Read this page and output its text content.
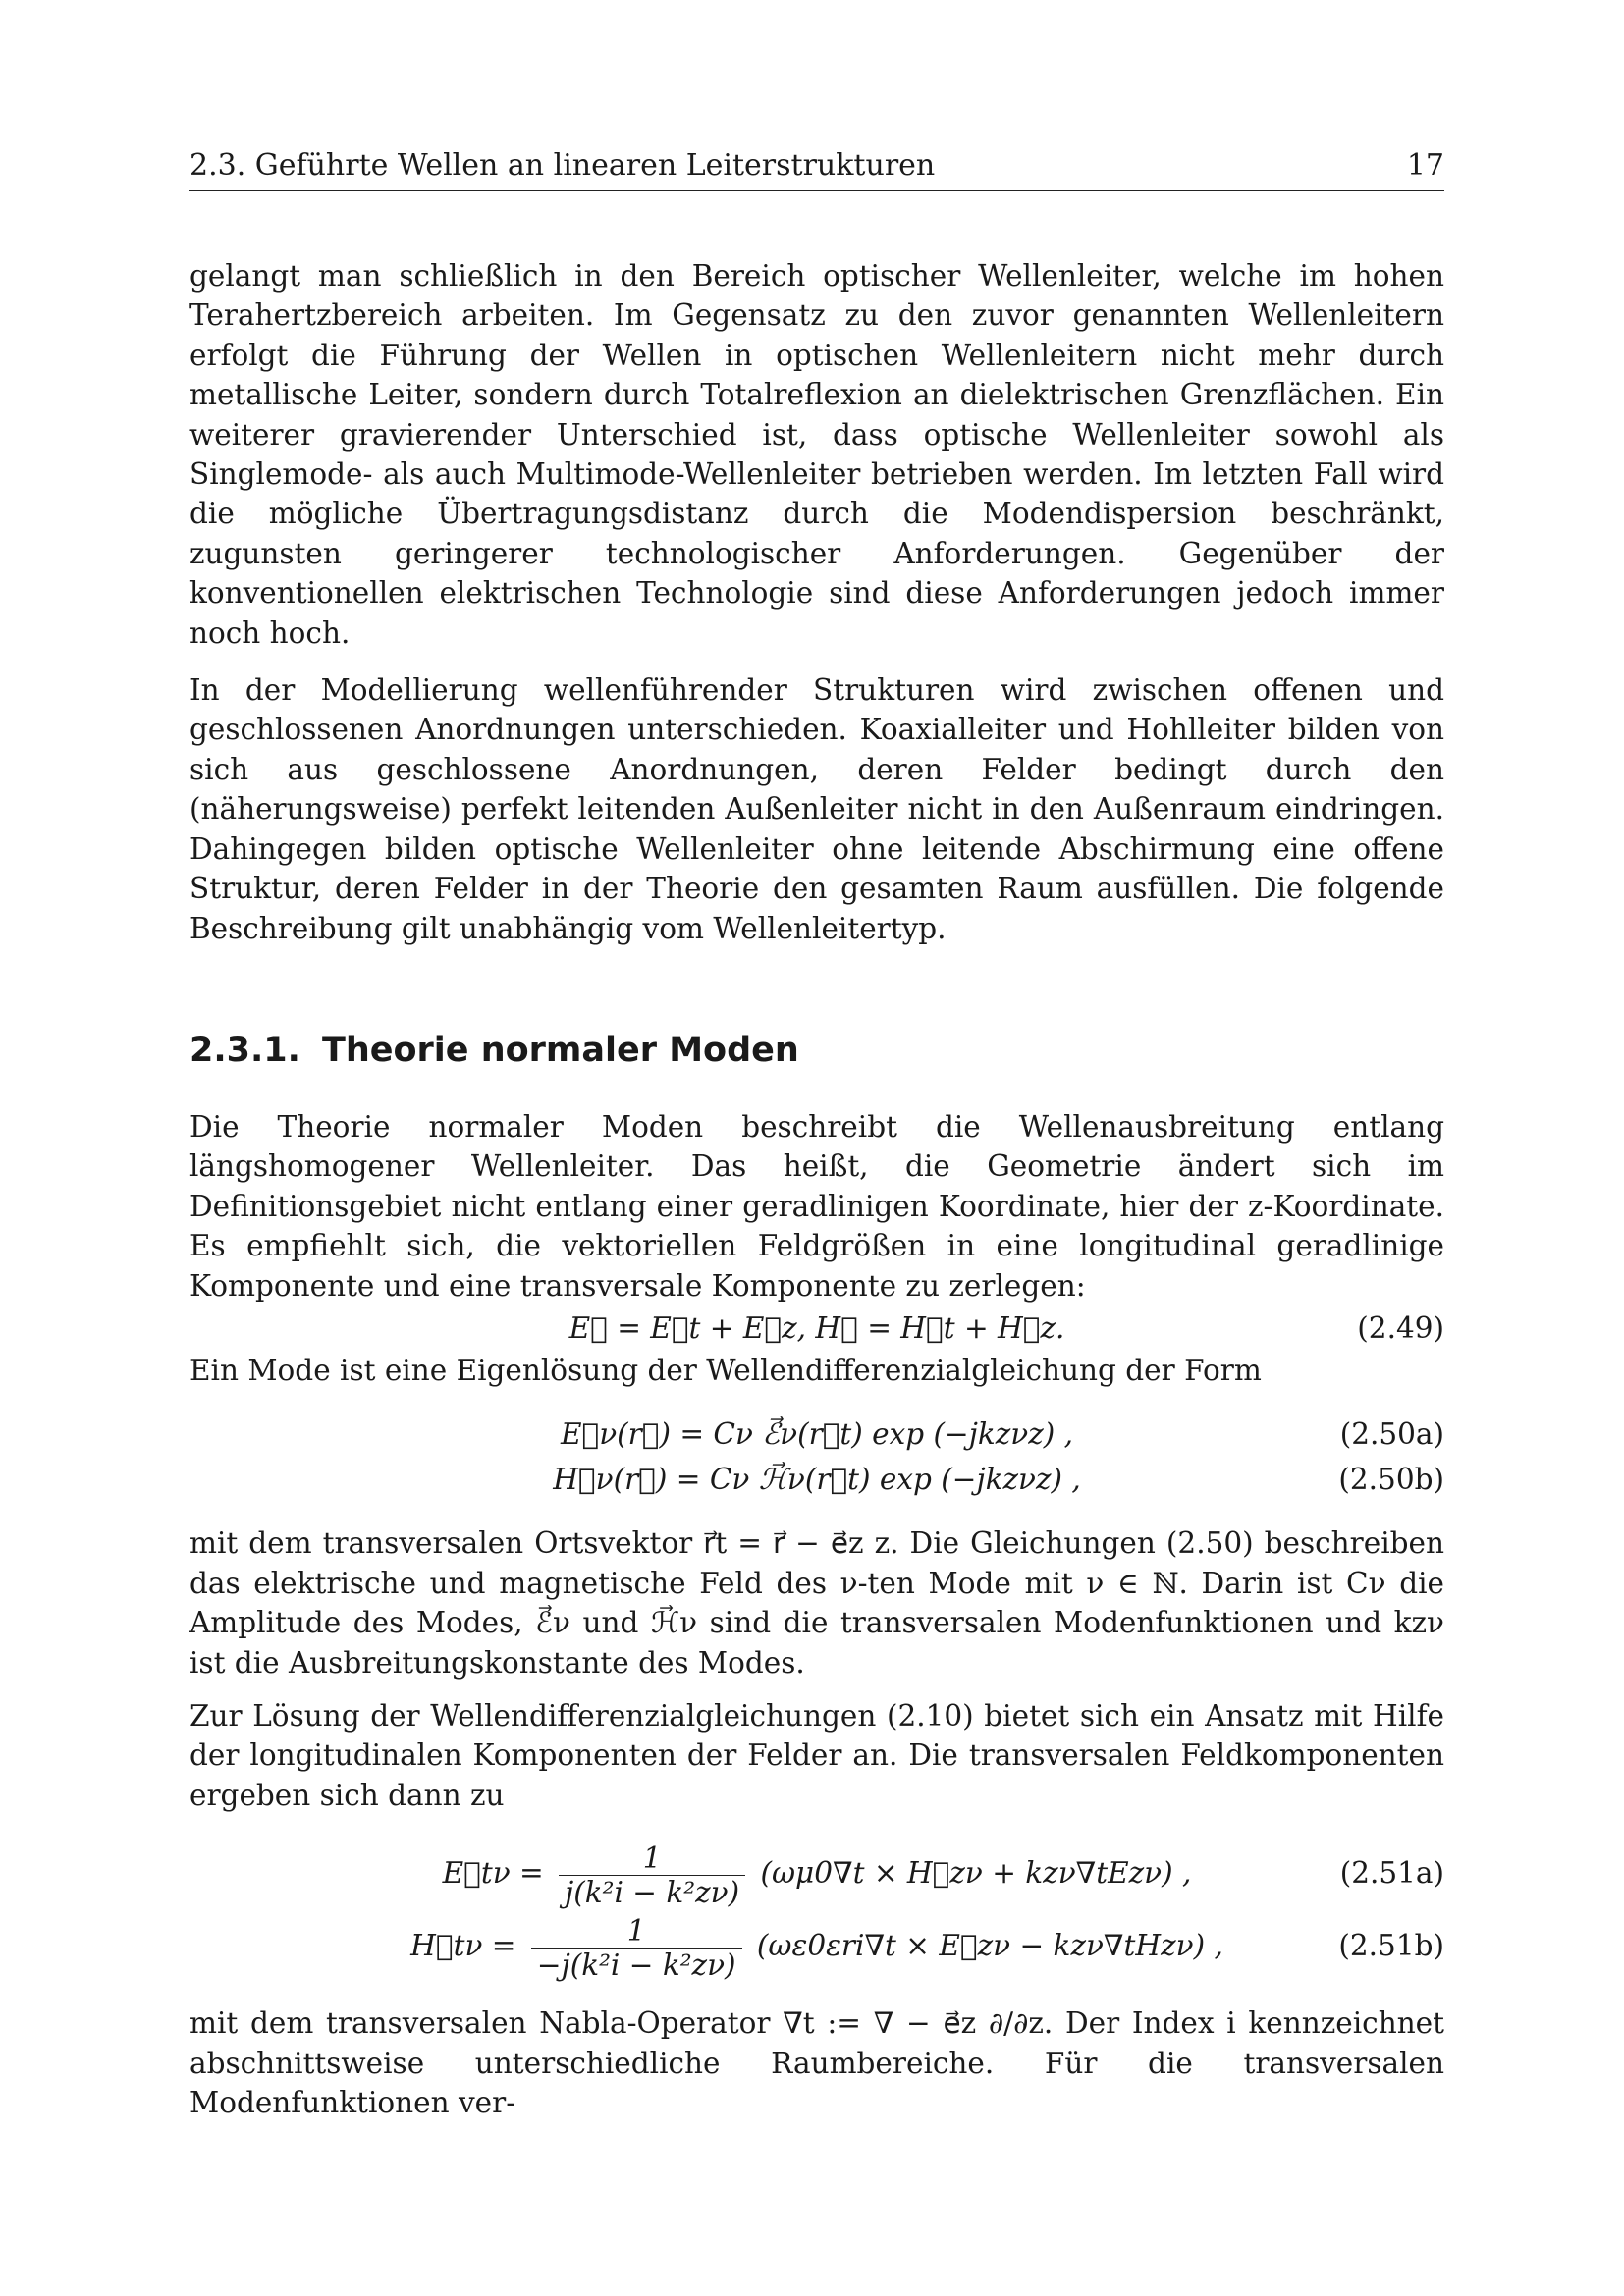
2.3. Geführte Wellen an linearen Leiterstrukturen	17

gelangt man schließlich in den Bereich optischer Wellenleiter, welche im hohen Terahertzbereich arbeiten. Im Gegensatz zu den zuvor genannten Wellenleitern erfolgt die Führung der Wellen in optischen Wellenleitern nicht mehr durch metallische Leiter, sondern durch Totalreflexion an dielektrischen Grenzflächen. Ein weiterer gravierender Unterschied ist, dass optische Wellenleiter sowohl als Singlemode- als auch Multimode-Wellenleiter betrieben werden. Im letzten Fall wird die mögliche Übertragungsdistanz durch die Modendispersion beschränkt, zugunsten geringerer technologischer Anforderungen. Gegenüber der konventionellen elektrischen Technologie sind diese Anforderungen jedoch immer noch hoch.

In der Modellierung wellenführender Strukturen wird zwischen offenen und geschlossenen Anordnungen unterschieden. Koaxialleiter und Hohlleiter bilden von sich aus geschlossene Anordnungen, deren Felder bedingt durch den (näherungsweise) perfekt leitenden Außenleiter nicht in den Außenraum eindringen. Dahingegen bilden optische Wellenleiter ohne leitende Abschirmung eine offene Struktur, deren Felder in der Theorie den gesamten Raum ausfüllen. Die folgende Beschreibung gilt unabhängig vom Wellenleitertyp.

2.3.1. Theorie normaler Moden

Die Theorie normaler Moden beschreibt die Wellenausbreitung entlang längshomogener Wellenleiter. Das heißt, die Geometrie ändert sich im Definitionsgebiet nicht entlang einer geradlinigen Koordinate, hier der z-Koordinate. Es empfiehlt sich, die vektoriellen Feldgrößen in eine longitudinal geradlinige Komponente und eine transversale Komponente zu zerlegen:

E⃗ = E⃗t + E⃗z, H⃗ = H⃗t + H⃗z.	(2.49)

Ein Mode ist eine Eigenlösung der Wellendifferenzialgleichung der Form

E⃗ν(r⃗) = Cν ℰ⃗ν(r⃗t) exp (−jkzνz) ,	(2.50a)
H⃗ν(r⃗) = Cν ℋ⃗ν(r⃗t) exp (−jkzνz) ,	(2.50b)

mit dem transversalen Ortsvektor r⃗t = r⃗ − e⃗z z. Die Gleichungen (2.50) beschreiben das elektrische und magnetische Feld des ν-ten Mode mit ν ∈ ℕ. Darin ist Cν die Amplitude des Modes, ℰ⃗ν und ℋ⃗ν sind die transversalen Modenfunktionen und kzν ist die Ausbreitungskonstante des Modes.

Zur Lösung der Wellendifferenzialgleichungen (2.10) bietet sich ein Ansatz mit Hilfe der longitudinalen Komponenten der Felder an. Die transversalen Feldkomponenten ergeben sich dann zu

E⃗tν = $\frac{1}{\text{j(k²i − k²zν)}} (\omega\mu 0\nabla t$ × H⃗zν + kzν∇tEzν) ,	(2.51a)
H⃗tν = $\frac{1}{\text{−j(k²i − k²zν)}} (\omega\varepsilon 0\varepsilon ri\nabla t$ × E⃗zν − kzν∇tHzν) ,	(2.51b)

mit dem transversalen Nabla-Operator ∇t := ∇ − e⃗z ∂/∂z. Der Index i kennzeichnet abschnittsweise unterschiedliche Raumbereiche. Für die transversalen Modenfunktionen ver-
